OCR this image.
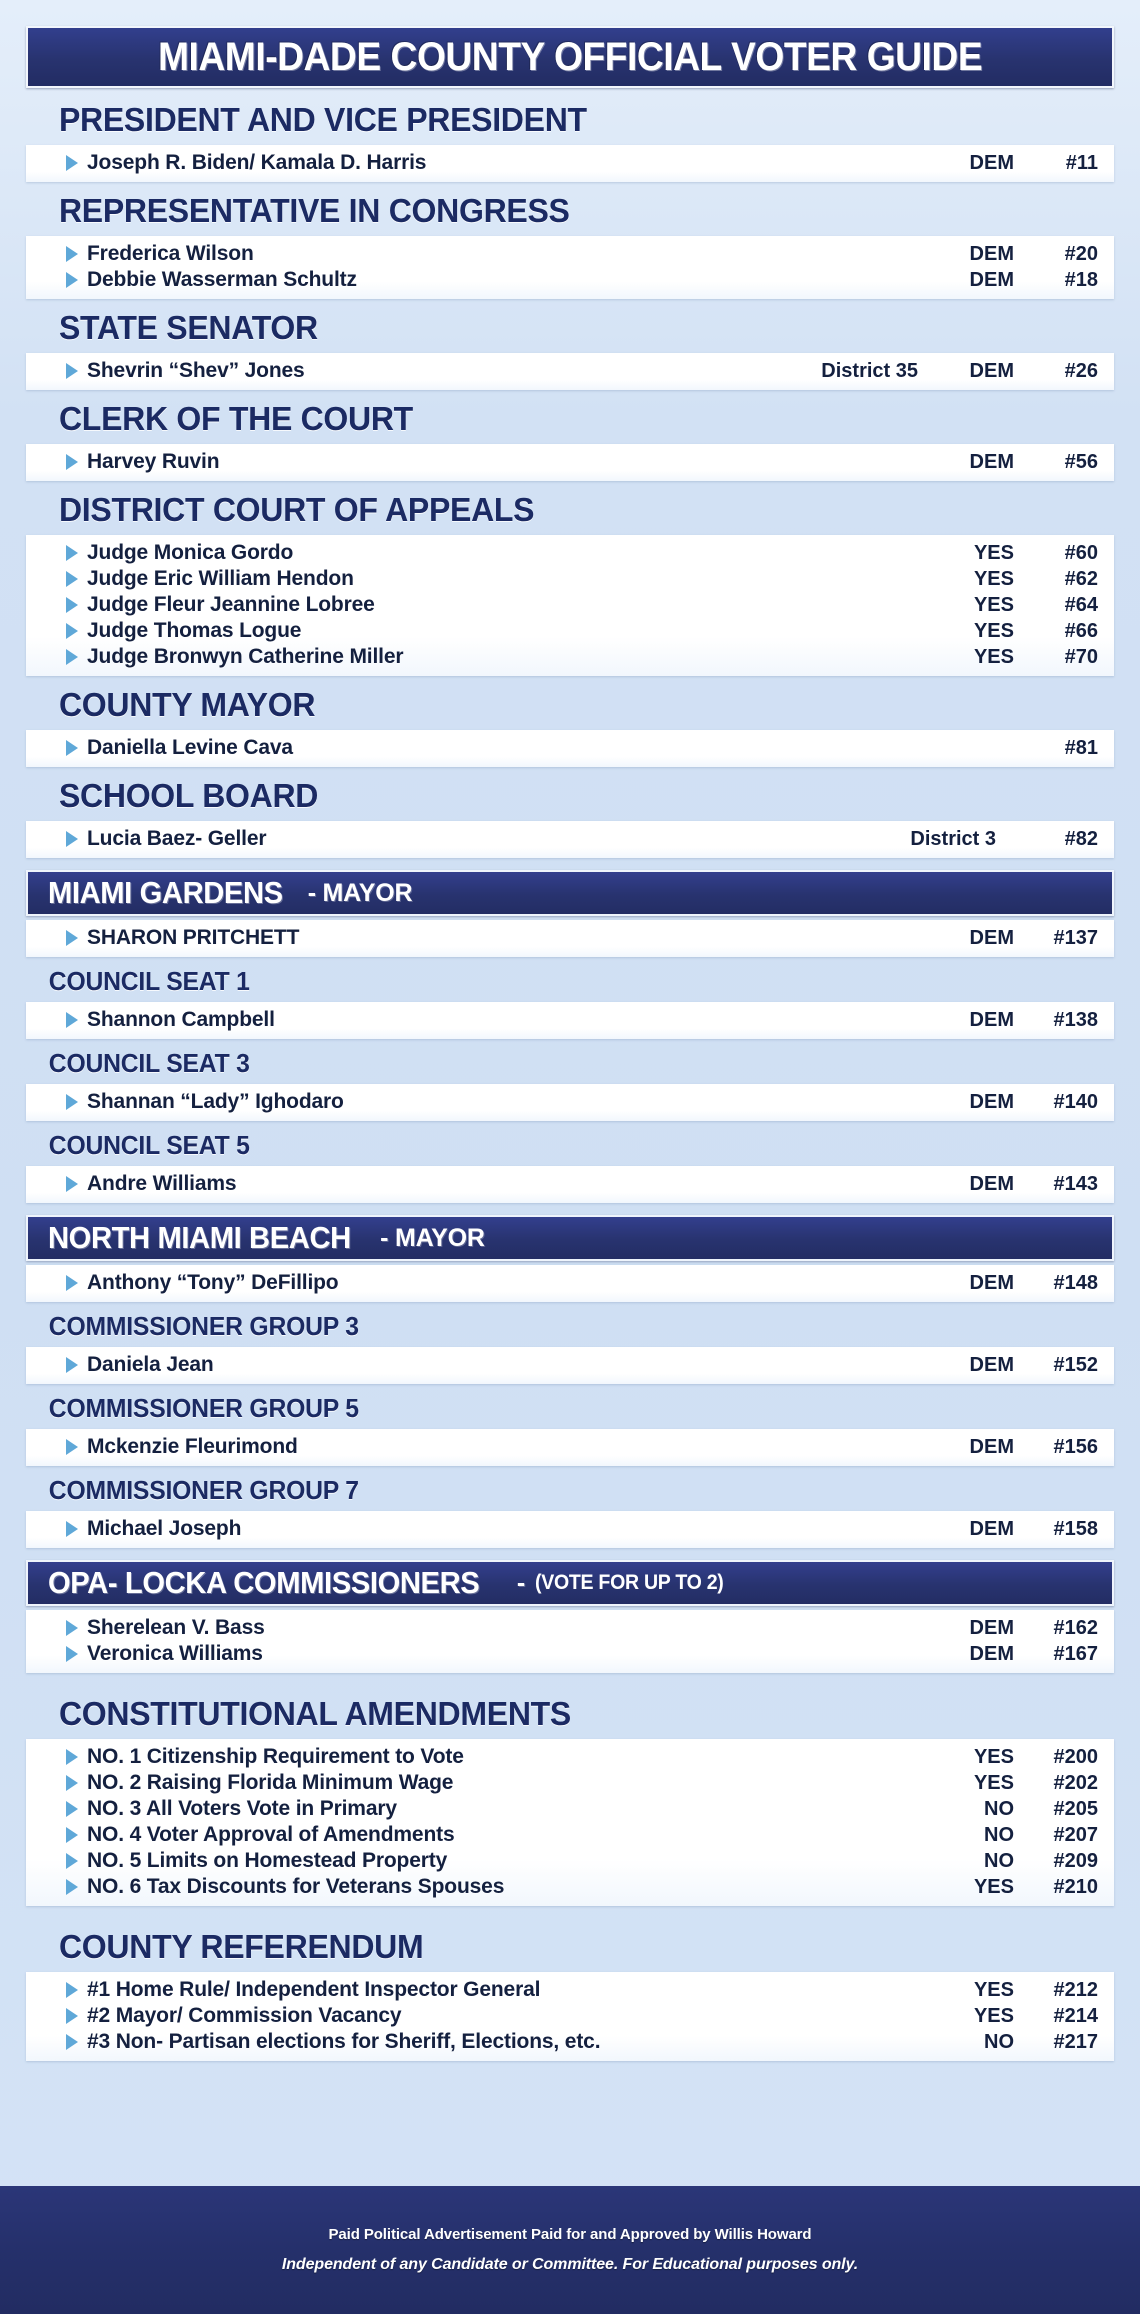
MIAMI-DADE COUNTY OFFICIAL VOTER GUIDE
PRESIDENT AND VICE PRESIDENT
Joseph R. Biden/ Kamala D. Harris	DEM	#11
REPRESENTATIVE IN CONGRESS
Frederica Wilson	DEM	#20
Debbie Wasserman Schultz	DEM	#18
STATE SENATOR
Shevrin “Shev” Jones	District 35	DEM	#26
CLERK OF THE COURT
Harvey Ruvin	DEM	#56
DISTRICT COURT OF APPEALS
Judge Monica Gordo	YES	#60
Judge Eric William Hendon	YES	#62
Judge Fleur Jeannine Lobree	YES	#64
Judge Thomas Logue	YES	#66
Judge Bronwyn Catherine Miller	YES	#70
COUNTY MAYOR
Daniella Levine Cava	#81
SCHOOL BOARD
Lucia Baez- Geller	District 3	#82
MIAMI GARDENS - MAYOR
SHARON PRITCHETT	DEM	#137
COUNCIL SEAT 1
Shannon Campbell	DEM	#138
COUNCIL SEAT 3
Shannan “Lady” Ighodaro	DEM	#140
COUNCIL SEAT 5
Andre Williams	DEM	#143
NORTH MIAMI BEACH - MAYOR
Anthony “Tony” DeFillipo	DEM	#148
COMMISSIONER GROUP 3
Daniela Jean	DEM	#152
COMMISSIONER GROUP 5
Mckenzie Fleurimond	DEM	#156
COMMISSIONER GROUP 7
Michael Joseph	DEM	#158
OPA- LOCKA COMMISSIONERS - (VOTE FOR UP TO 2)
Sherelean V. Bass	DEM	#162
Veronica Williams	DEM	#167
CONSTITUTIONAL AMENDMENTS
NO. 1 Citizenship Requirement to Vote	YES	#200
NO. 2 Raising Florida Minimum Wage	YES	#202
NO. 3 All Voters Vote in Primary	NO	#205
NO. 4 Voter Approval of Amendments	NO	#207
NO. 5 Limits on Homestead Property	NO	#209
NO. 6 Tax Discounts for Veterans Spouses	YES	#210
COUNTY REFERENDUM
#1 Home Rule/ Independent Inspector General	YES	#212
#2 Mayor/ Commission Vacancy	YES	#214
#3 Non- Partisan elections for Sheriff, Elections, etc.	NO	#217
Paid Political Advertisement Paid for and Approved by Willis Howard
Independent of any Candidate or Committee. For Educational purposes only.
